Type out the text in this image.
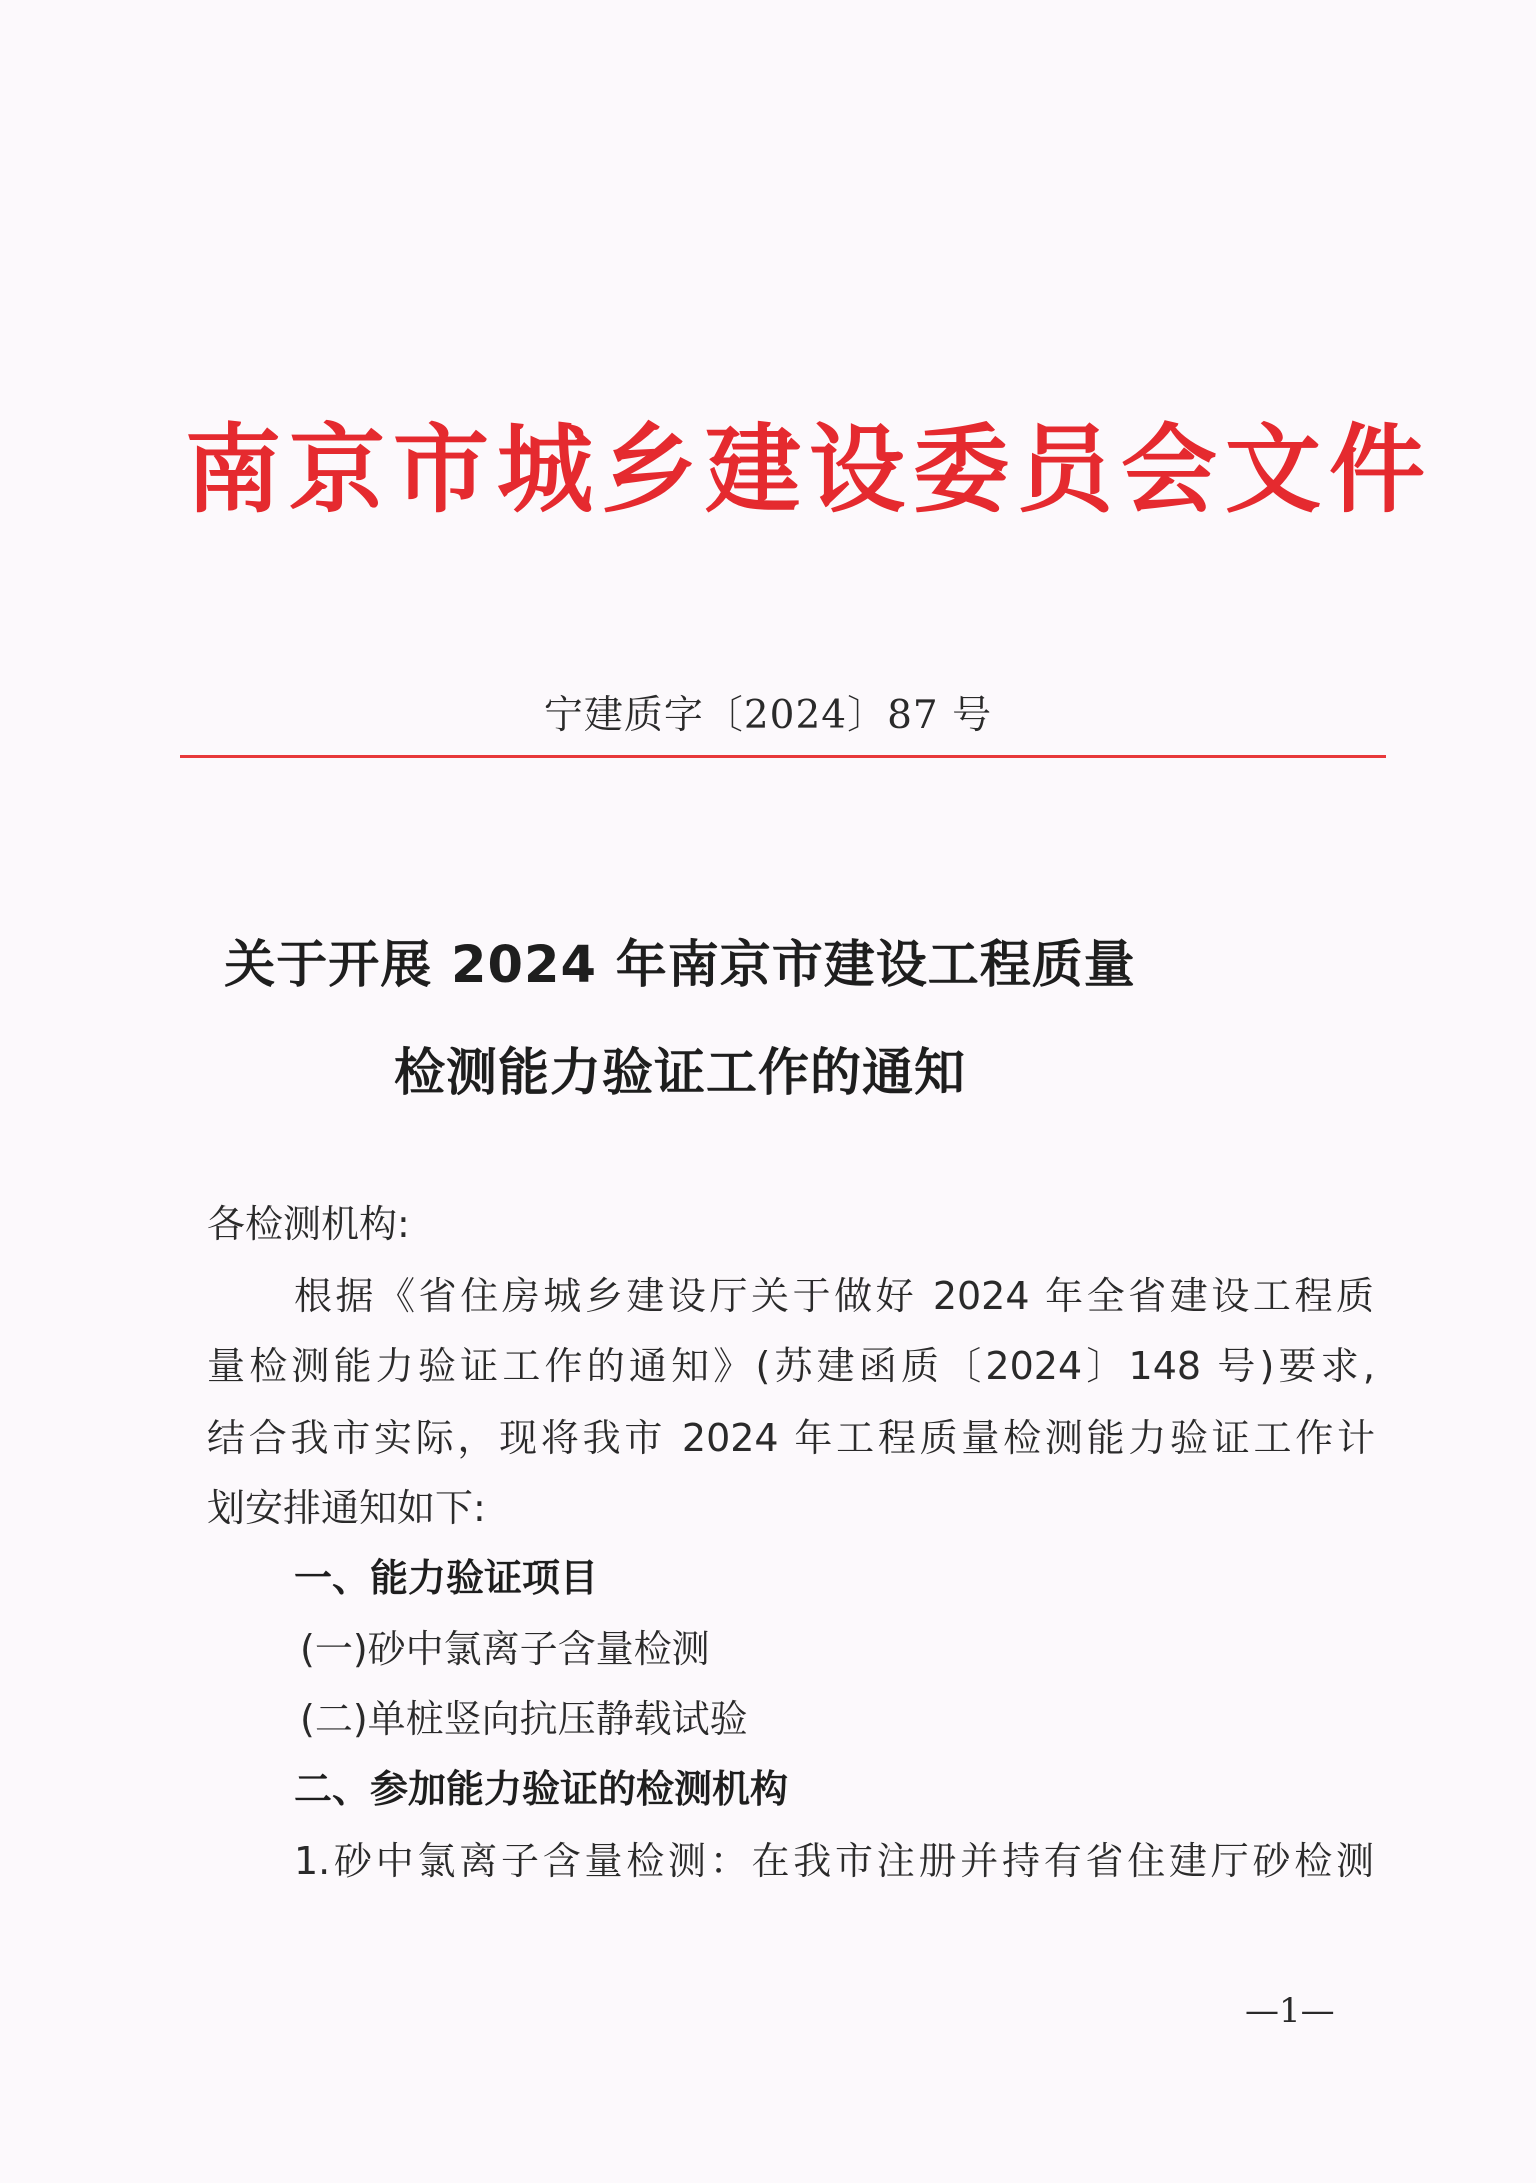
南京市城乡建设委员会文件
宁建质字〔2024〕87 号
关于开展 2024 年南京市建设工程质量
检测能力验证工作的通知
各检测机构:
根据《省住房城乡建设厅关于做好 2024 年全省建设工程质
量检测能力验证工作的通知》(苏建函质〔2024〕148 号)要求,
结合我市实际，现将我市 2024 年工程质量检测能力验证工作计
划安排通知如下:
一、能力验证项目
(一)砂中氯离子含量检测
(二)单桩竖向抗压静载试验
二、参加能力验证的检测机构
1.砂中氯离子含量检测：在我市注册并持有省住建厅砂检测
—1—
